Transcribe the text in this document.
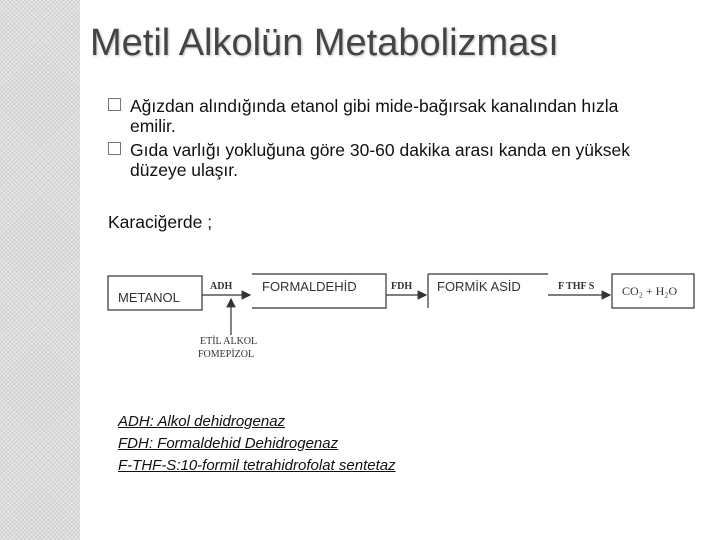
Metil Alkolün Metabolizması
Ağızdan alındığında etanol gibi mide-bağırsak kanalından hızla emilir.
Gıda varlığı yokluğuna göre 30-60 dakika arası kanda en yüksek düzeye ulaşır.
Karaciğerde ;
METANOL
FORMALDEHİD	FORMİK ASİD	CO₂ + H₂O
ADH	FDH	F THF S
ETİL ALKOL
FOMEPİZOL
ADH: Alkol dehidrogenaz
FDH: Formaldehid Dehidrogenaz
F-THF-S:10-formil tetrahidrofolat sentetaz
